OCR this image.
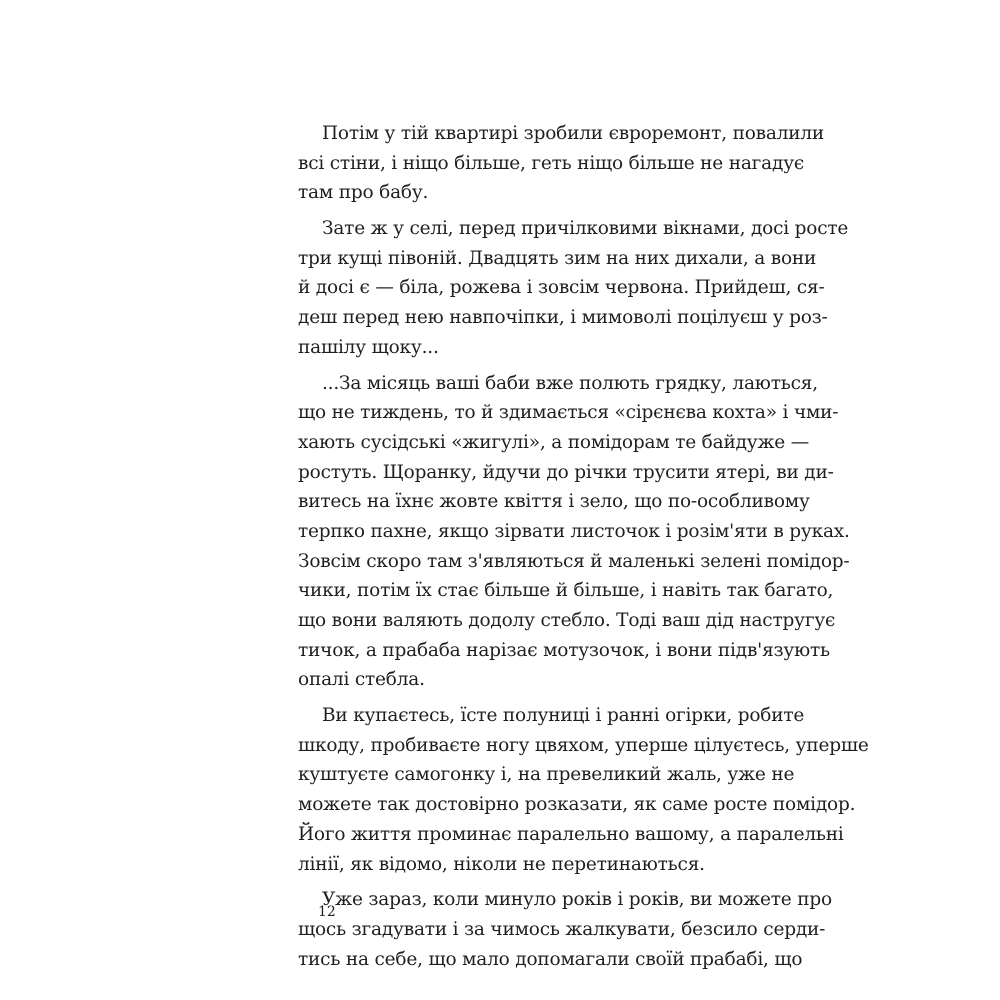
Потім у тій квартирі зробили євроремонт, повалили
всі стіни, і ніщо більше, геть ніщо більше не нагадує
там про бабу.
Зате ж у селі, перед причілковими вікнами, досі росте
три кущі півоній. Двадцять зим на них дихали, а вони
й досі є — біла, рожева і зовсім червона. Прийдеш, ся-
деш перед нею навпочіпки, і мимоволі поцілуєш у роз-
пашілу щоку...
...За місяць ваші баби вже полють грядку, лаються,
що не тиждень, то й здимається «сірєнєва кохта» і чми-
хають сусідські «жигулі», а помідорам те байдуже —
ростуть. Щоранку, йдучи до річки трусити ятері, ви ди-
витесь на їхнє жовте квіття і зело, що по-особливому
терпко пахне, якщо зірвати листочок і розім'яти в руках.
Зовсім скоро там з'являються й маленькі зелені помідор-
чики, потім їх стає більше й більше, і навіть так багато,
що вони валяють додолу стебло. Тоді ваш дід настругує
тичок, а прабаба нарізає мотузочок, і вони підв'язують
опалі стебла.
Ви купаєтесь, їсте полуниці і ранні огірки, робите
шкоду, пробиваєте ногу цвяхом, уперше цілуєтесь, уперше
куштуєте самогонку і, на превеликий жаль, уже не
можете так достовірно розказати, як саме росте помідор.
Його життя проминає паралельно вашому, а паралельні
лінії, як відомо, ніколи не перетинаються.
Уже зараз, коли минуло років і років, ви можете про
щось згадувати і за чимось жалкувати, безсило серди-
тись на себе, що мало допомагали своїй прабабі, що
12
